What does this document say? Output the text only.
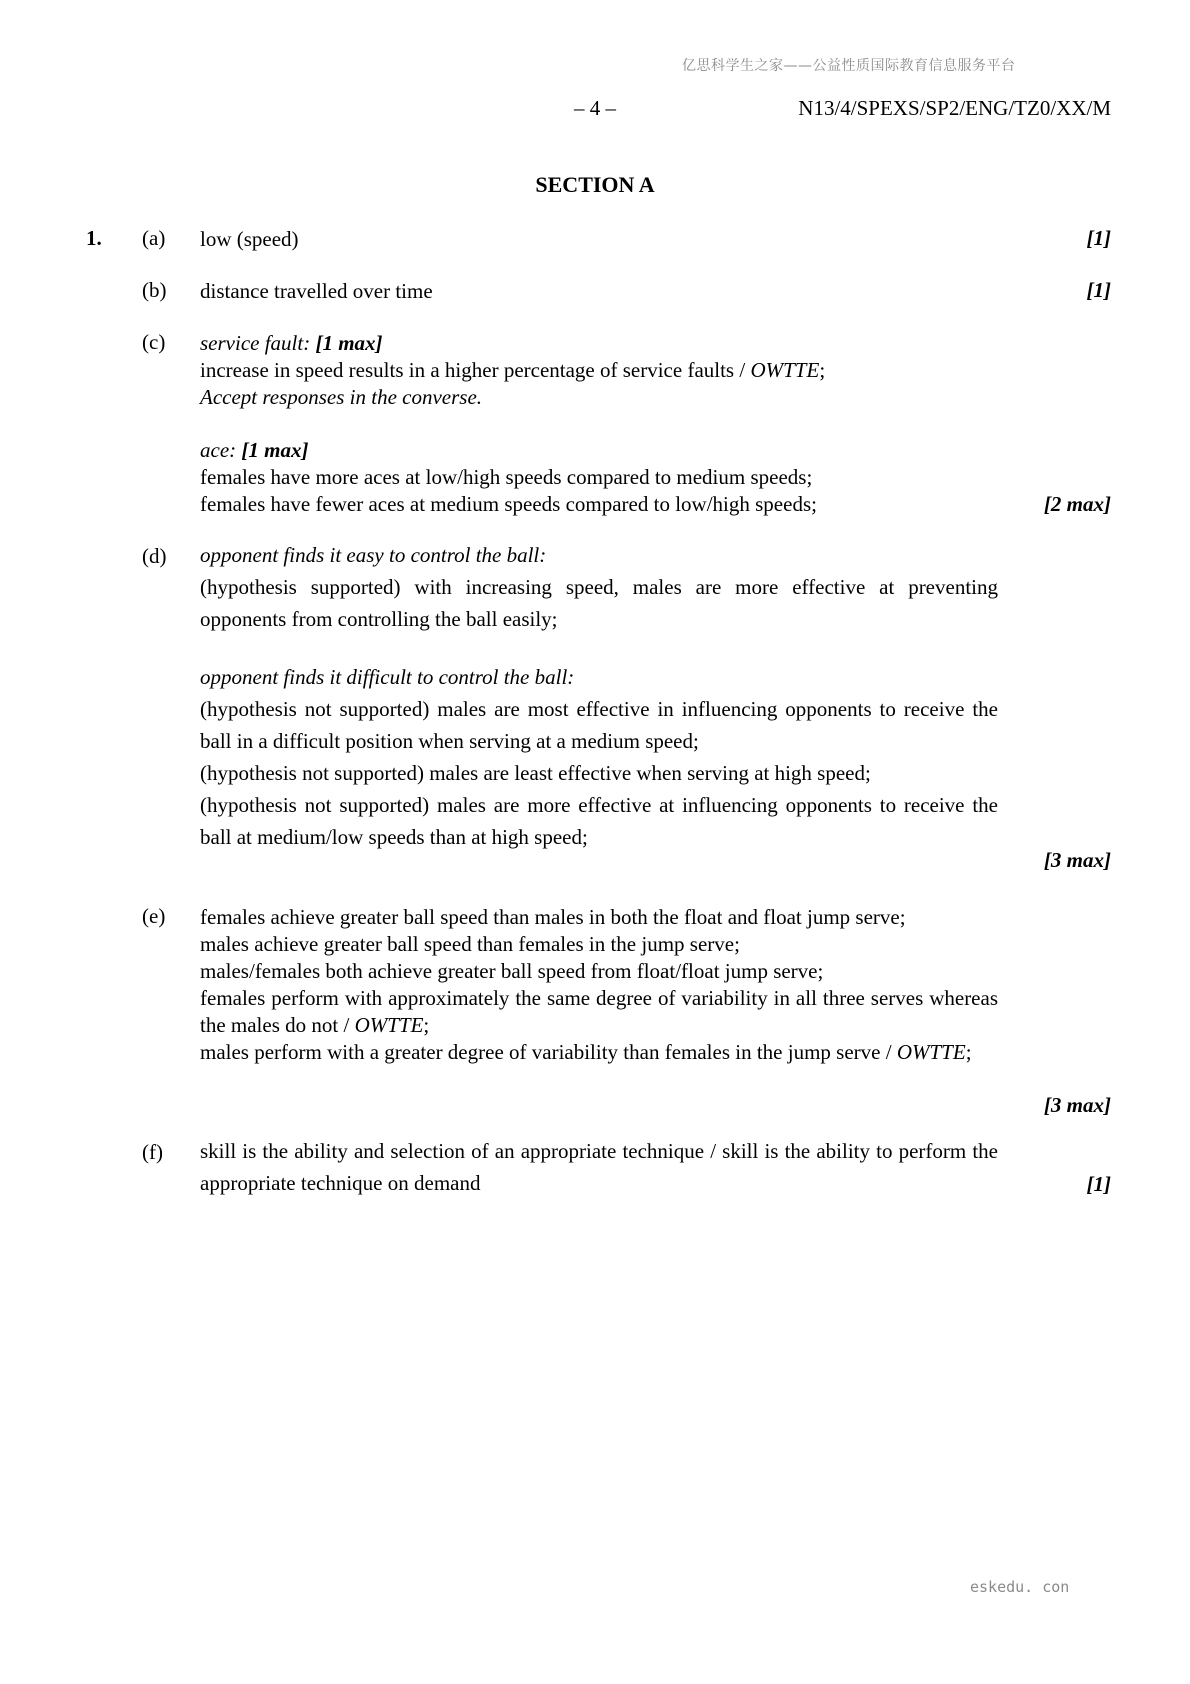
亿思科学生之家——公益性质国际教育信息服务平台
– 4 –	N13/4/SPEXS/SP2/ENG/TZ0/XX/M
SECTION A
1. (a) low (speed)	[1]
(b) distance travelled over time	[1]
(c) service fault: [1 max]

increase in speed results in a higher percentage of service faults / OWTTE;

Accept responses in the converse.

ace: [1 max]

females have more aces at low/high speeds compared to medium speeds;

females have fewer aces at medium speeds compared to low/high speeds;	[2 max]
(d) opponent finds it easy to control the ball:

(hypothesis supported) with increasing speed, males are more effective at preventing opponents from controlling the ball easily;

opponent finds it difficult to control the ball:

(hypothesis not supported) males are most effective in influencing opponents to receive the ball in a difficult position when serving at a medium speed;

(hypothesis not supported) males are least effective when serving at high speed;

(hypothesis not supported) males are more effective at influencing opponents to receive the ball at medium/low speeds than at high speed;

[3 max]
(e) females achieve greater ball speed than males in both the float and float jump serve;

males achieve greater ball speed than females in the jump serve;

males/females both achieve greater ball speed from float/float jump serve;

females perform with approximately the same degree of variability in all three serves whereas the males do not / OWTTE;

males perform with a greater degree of variability than females in the jump serve / OWTTE;

[3 max]
(f) skill is the ability and selection of an appropriate technique / skill is the ability to perform the appropriate technique on demand	[1]
eskedu. con
